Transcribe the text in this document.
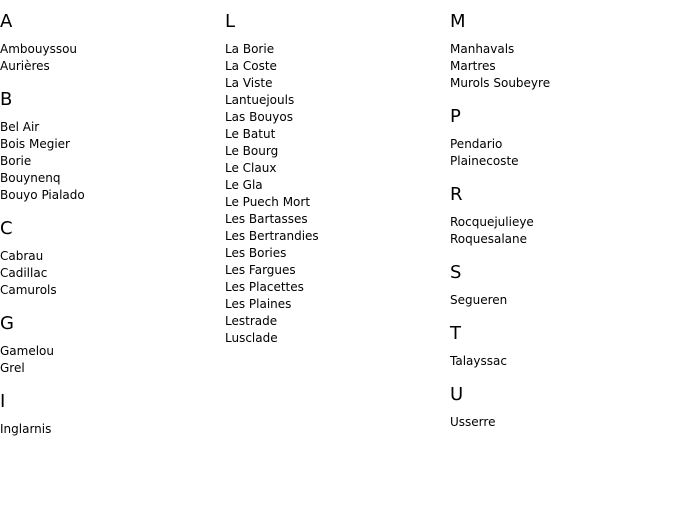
A
Ambouyssou
Aurières
B
Bel Air
Bois Megier
Borie
Bouynenq
Bouyo Pialado
C
Cabrau
Cadillac
Camurols
G
Gamelou
Grel
I
Inglarnis
L
La Borie
La Coste
La Viste
Lantuejouls
Las Bouyos
Le Batut
Le Bourg
Le Claux
Le Gla
Le Puech Mort
Les Bartasses
Les Bertrandies
Les Bories
Les Fargues
Les Placettes
Les Plaines
Lestrade
Lusclade
M
Manhavals
Martres
Murols Soubeyre
P
Pendario
Plainecoste
R
Rocquejulieye
Roquesalane
S
Segueren
T
Talayssac
U
Usserre
